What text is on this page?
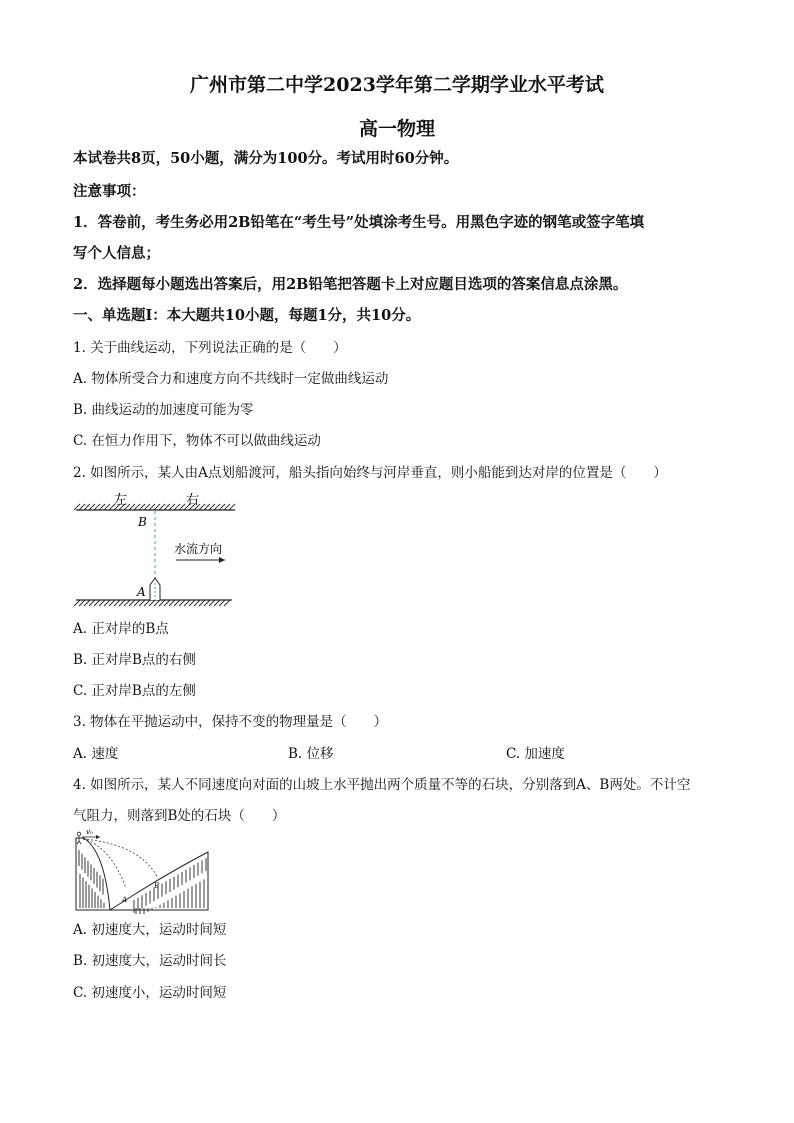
广州市第二中学2023学年第二学期学业水平考试
高一物理
本试卷共8页，50小题，满分为100分。考试用时60分钟。
注意事项：
1．答卷前，考生务必用2B铅笔在“考生号”处填涂考生号。用黑色字迹的钢笔或签字笔填
写个人信息；
2．选择题每小题选出答案后，用2B铅笔把答题卡上对应题目选项的答案信息点涂黑。
一、单选题Ⅰ：本大题共10小题，每题1分，共10分。
1. 关于曲线运动，下列说法正确的是（　　）
A. 物体所受合力和速度方向不共线时一定做曲线运动
B. 曲线运动的加速度可能为零
C. 在恒力作用下，物体不可以做曲线运动
2. 如图所示，某人由A点划船渡河，船头指向始终与河岸垂直，则小船能到达对岸的位置是（　　）
左	右
B
A
水流方向
A. 正对岸的B点
B. 正对岸B点的右侧
C. 正对岸B点的左侧
3. 物体在平抛运动中，保持不变的物理量是（　　）
A. 速度	B. 位移	C. 加速度
4. 如图所示，某人不同速度向对面的山坡上水平抛出两个质量不等的石块，分别落到A、B两处。不计空
气阻力，则落到B处的石块（　　）
v₀
A
B
A. 初速度大，运动时间短
B. 初速度大，运动时间长
C. 初速度小，运动时间短
